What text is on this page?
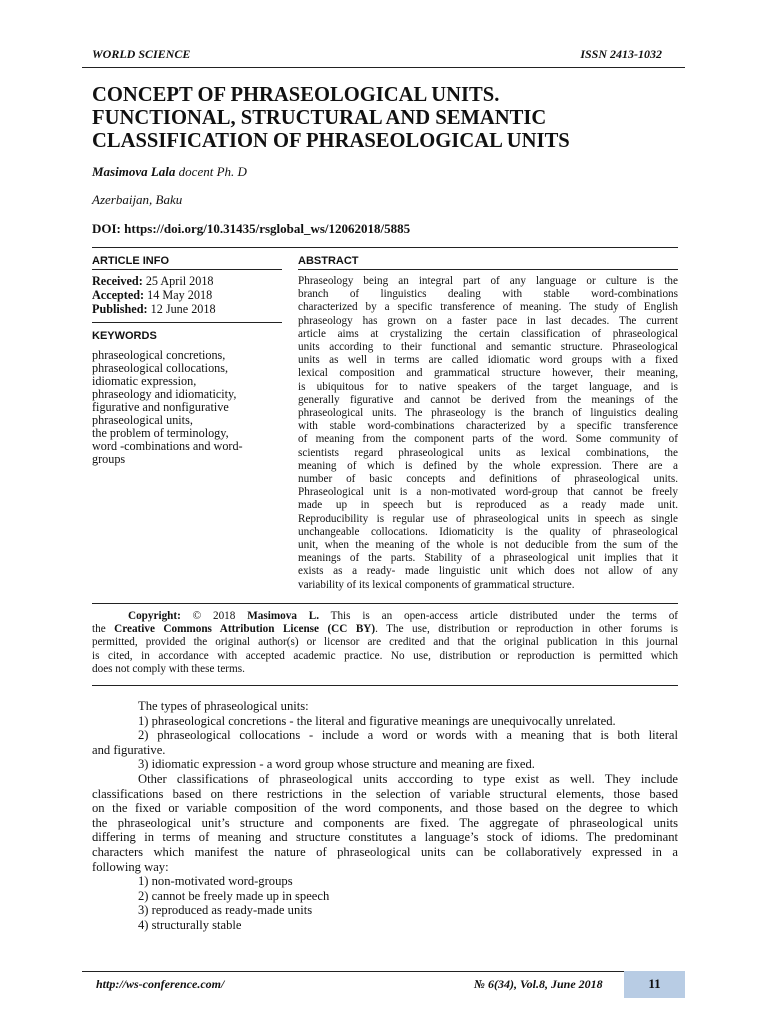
WORLD SCIENCE	ISSN 2413-1032
CONCEPT OF PHRASEOLOGICAL UNITS.
FUNCTIONAL, STRUCTURAL AND SEMANTIC
CLASSIFICATION OF PHRASEOLOGICAL UNITS
Masimova Lala docent Ph. D
Azerbaijan, Baku
DOI: https://doi.org/10.31435/rsglobal_ws/12062018/5885
ARTICLE INFO
Received: 25 April 2018
Accepted: 14 May 2018
Published: 12 June 2018
KEYWORDS
phraseological concretions,
phraseological collocations,
idiomatic expression,
phraseology and idiomaticity,
figurative and nonfigurative
phraseological units,
the problem of terminology,
word -combinations and word-
groups
ABSTRACT
Phraseology being an integral part of any language or culture is the
branch of linguistics dealing with stable word-combinations
characterized by a specific transference of meaning. The study of English
phraseology has grown on a faster pace in last decades. The current
article aims at crystalizing the certain classification of phraseological
units according to their functional and semantic structure. Phraseological
units as well in terms are called idiomatic word groups with a fixed
lexical composition and grammatical structure however, their meaning,
is ubiquitous for to native speakers of the target language, and is
generally figurative and cannot be derived from the meanings of the
phraseological units. The phraseology is the branch of linguistics dealing
with stable word-combinations characterized by a specific transference
of meaning from the component parts of the word. Some community of
scientists regard phraseological units as lexical combinations, the
meaning of which is defined by the whole expression. There are a
number of basic concepts and definitions of phraseological units.
Phraseological unit is a non-motivated word-group that cannot be freely
made up in speech but is reproduced as a ready made unit.
Reproducibility is regular use of phraseological units in speech as single
unchangeable collocations. Idiomaticity is the quality of phraseological
unit, when the meaning of the whole is not deducible from the sum of the
meanings of the parts. Stability of a phraseological unit implies that it
exists as a ready- made linguistic unit which does not allow of any
variability of its lexical components of grammatical structure.
Copyright: © 2018 Masimova L. This is an open-access article distributed under the terms of
the Creative Commons Attribution License (CC BY). The use, distribution or reproduction in other forums is
permitted, provided the original author(s) or licensor are credited and that the original publication in this journal
is cited, in accordance with accepted academic practice. No use, distribution or reproduction is permitted which
does not comply with these terms.
The types of phraseological units:
1) phraseological concretions - the literal and figurative meanings are unequivocally unrelated.
2) phraseological collocations - include a word or words with a meaning that is both literal
and figurative.
3) idiomatic expression - a word group whose structure and meaning are fixed.
Other classifications of phraseological units acccording to type exist as well. They include
classifications based on there restrictions in the selection of variable structural elements, those based
on the fixed or variable composition of the word components, and those based on the degree to which
the phraseological unit’s structure and components are fixed. The aggregate of phraseological units
differing in terms of meaning and structure constitutes a language’s stock of idioms. The predominant
characters which manifest the nature of phraseological units can be collaboratively expressed in a
following way:
1) non-motivated word-groups
2) cannot be freely made up in speech
3) reproduced as ready-made units
4) structurally stable
http://ws-conference.com/	№ 6(34), Vol.8, June 2018	11
